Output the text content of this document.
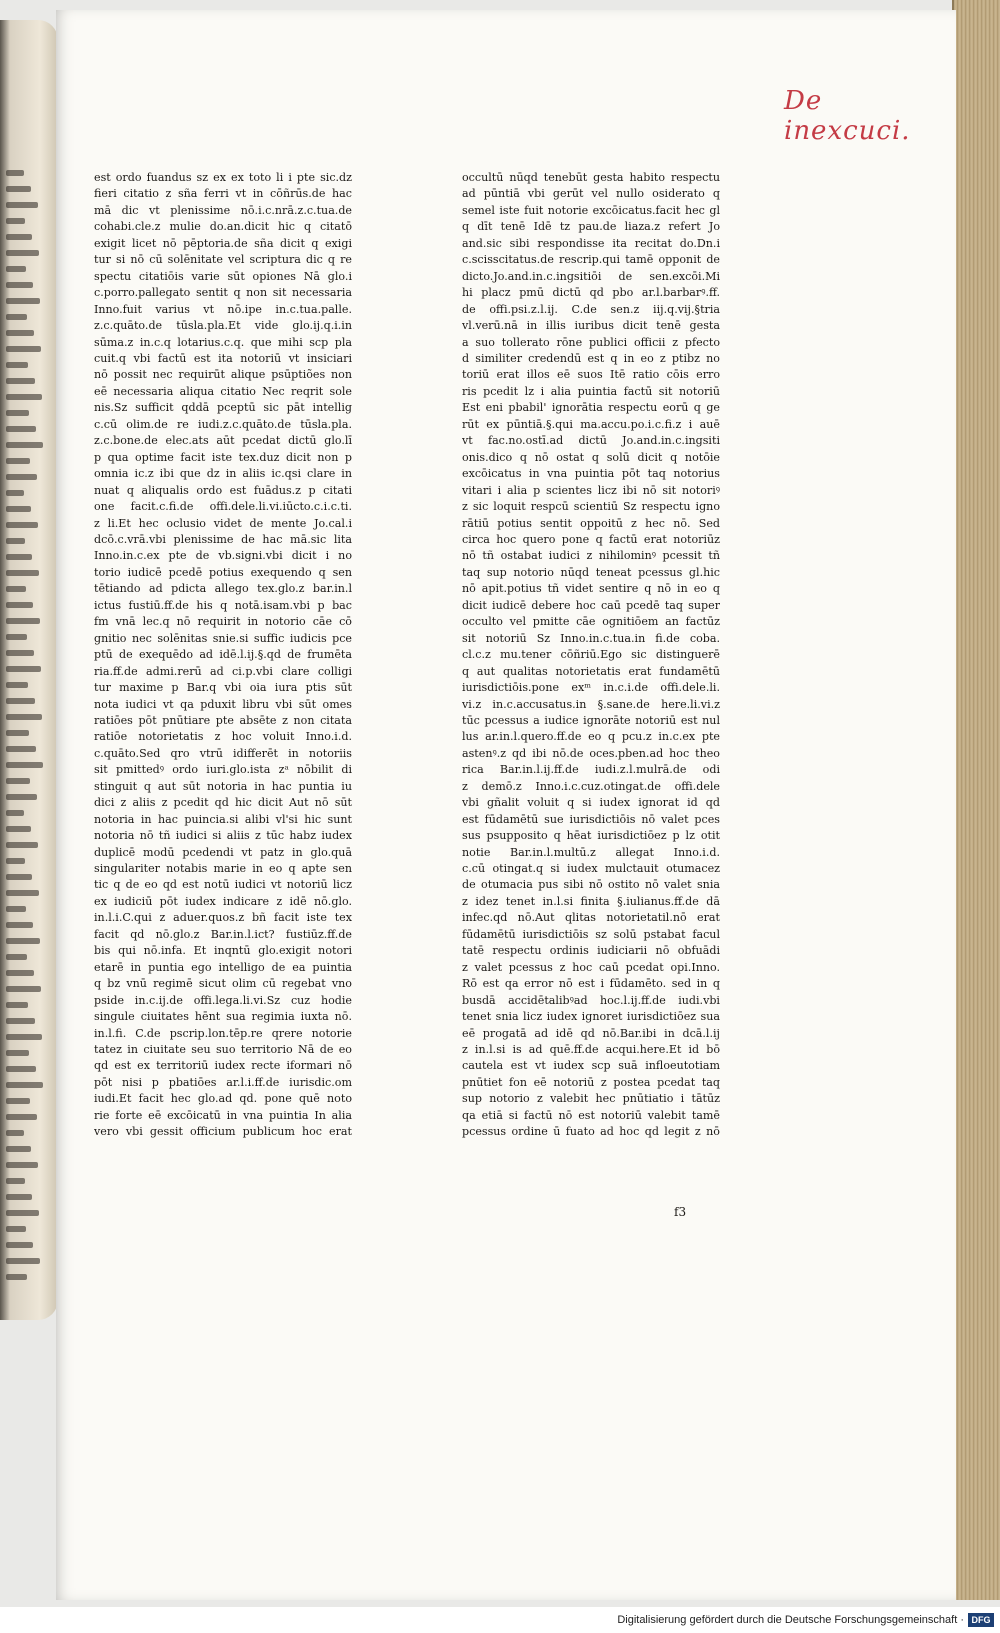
De inexcuci.
est ordo fuandus sz ex ex toto li i pte sic.dz
fieri citatio z sña ferri vt in cōñrūs.de hac
mā dic vt plenissime nō.i.c.nrā.z.c.tua.de
cohabi.cle.z mulie do.an.dicit hic q citatō
exigit licet nō pēptoria.de sña dicit q exigi
tur si nō cū solēnitate vel scriptura dic q re
spectu citatiōis varie sūt opiones Nā glo.i
c.porro.pallegato sentit q non sit necessaria
Inno.fuit varius vt nō.ipe in.c.tua.palle.
z.c.quāto.de tūsla.pla.Et vide glo.ij.q.i.in
sūma.z in.c.q lotarius.c.q. que mihi scp pla
cuit.q vbi factū est ita notoriū vt insiciari
nō possit nec requirūt alique psūptiões non
eē necessaria aliqua citatio Nec reqrit sole
nis.Sz sufficit qddā pceptū sic pāt intellig
c.cū olim.de re iudi.z.c.quāto.de tūsla.pla.
z.c.bone.de elec.ats aūt pcedat dictū glo.lī
p qua optime facit iste tex.duz dicit non p
omnia ic.z ibi que dz in aliis ic.qsi clare in
nuat q aliqualis ordo est fuādus.z p citati
one facit.c.fi.de offi.dele.li.vi.iūcto.c.i.c.ti.
z li.Et hec oclusio videt de mente Jo.cal.i
dcō.c.vrā.vbi plenissime de hac mā.sic lita
Inno.in.c.ex pte de vb.signi.vbi dicit i no
torio iudicē pcedē potius exequendo q sen
tētiando ad pdicta allego tex.glo.z bar.in.l
ictus fustiū.ff.de his q notā.isam.vbi p bac
fm vnā lec.q nō requirit in notorio cāe cō
gnitio nec solēnitas snie.si suffic iudicis pce
ptū de exequēdo ad idē.l.ij.§.qd de frumēta
ria.ff.de admi.rerū ad ci.p.vbi clare colligi
tur maxime p Bar.q vbi oia iura ptis sūt
nota iudici vt qa pduxit libru vbi sūt omes
ratiōes pōt pnūtiare pte absēte z non citata
ratiōe notorietatis z hoc voluit Inno.i.d.
c.quāto.Sed qro vtrū idifferēt in notoriis
sit pmittedꝰ ordo iuri.glo.ista zᵃ nōbilit di
stinguit q aut sūt notoria in hac puntia iu
dici z aliis z pcedit qd hic dicit Aut nō sūt
notoria in hac puincia.si alibi vl'si hic sunt
notoria nō tñ iudici si aliis z tūc habz iudex
duplicē modū pcedendi vt patz in glo.quā
singulariter notabis marie in eo q apte sen
tic q de eo qd est notū iudici vt notoriū licz
ex iudiciū pōt iudex indicare z idē nō.glo.
in.l.i.C.qui z aduer.quos.z bñ facit iste tex
facit qd nō.glo.z Bar.in.l.ict? fustiūz.ff.de
bis qui nō.infa. Et inqntū glo.exigit notori
etarē in puntia ego intelligo de ea puintia
q bz vnū regimē sicut olim cū regebat vno
pside in.c.ij.de offi.lega.li.vi.Sz cuz hodie
singule ciuitates hēnt sua regimia iuxta nō.
in.l.fi. C.de pscrip.lon.tēp.re qrere notorie
tatez in ciuitate seu suo territorio Nā de eo
qd est ex territoriū iudex recte iformari nō
pōt nisi p pbatiōes ar.l.i.ff.de iurisdic.om
iudi.Et facit hec glo.ad qd. pone quē noto
rie forte eē excōicatū in vna puintia In alia
vero vbi gessit officium publicum hoc erat
occultū nūqd tenebūt gesta habito respectu
ad pūntiā vbi gerūt vel nullo osiderato q
semel iste fuit notorie excōicatus.facit hec gl
q dīt tenē Idē tz pau.de liaza.z refert Jo
and.sic sibi respondisse ita recitat do.Dn.i
c.scisscitatus.de rescrip.qui tamē opponit de
dicto.Jo.and.in.c.ingsitiōi de sen.excōi.Mi
hi placz pmū dictū qd pbo ar.l.barbarꝰ.ff.
de offi.psi.z.l.ij. C.de sen.z iij.q.vij.§tria
vl.verū.nā in illis iuribus dicit tenē gesta
a suo tollerato rōne publici officii z pfecto
d similiter credendū est q in eo z ptibz no
toriū erat illos eē suos Itē ratio cōis erro
ris pcedit lz i alia puintia factū sit notoriū
Est eni pbabil' ignorātia respectu eorū q ge
rūt ex pūntiā.§.qui ma.accu.po.i.c.fi.z i auē
vt fac.no.ostī.ad dictū Jo.and.in.c.ingsiti
onis.dico q nō ostat q solū dicit q notōie
excōicatus in vna puintia pōt taq notorius
vitari i alia p scientes licz ibi nō sit notoriꝰ
z sic loquit respcū scientiū Sz respectu igno
rātiū potius sentit oppoitū z hec nō. Sed
circa hoc quero pone q factū erat notoriūz
nō tñ ostabat iudici z nihilominꝰ pcessit tñ
taq sup notorio nūqd teneat pcessus gl.hic
nō apit.potius tñ videt sentire q nō in eo q
dicit iudicē debere hoc caū pcedē taq super
occulto vel pmitte cāe ognitiōem an factūz
sit notoriū Sz Inno.in.c.tua.in fi.de coba.
cl.c.z mu.tener cōñriū.Ego sic distinguerē
q aut qualitas notorietatis erat fundamētū
iurisdictiōis.pone exᵐ in.c.i.de offi.dele.li.
vi.z in.c.accusatus.in §.sane.de here.li.vi.z
tūc pcessus a iudice ignorāte notoriū est nul
lus ar.in.l.quero.ff.de eo q pcu.z in.c.ex pte
astenꝰ.z qd ibi nō.de oces.pben.ad hoc theo
rica Bar.in.l.ij.ff.de iudi.z.l.mulrā.de odi
z demō.z Inno.i.c.cuz.otingat.de offi.dele
vbi gñalit voluit q si iudex ignorat id qd
est fūdamētū sue iurisdictiōis nō valet pces
sus psupposito q hēat iurisdictiōez p lz otit
notie Bar.in.l.multū.z allegat Inno.i.d.
c.cū otingat.q si iudex mulctauit otumacez
de otumacia pus sibi nō ostito nō valet snia
z idez tenet in.l.si finita §.iulianus.ff.de dā
infec.qd nō.Aut qlitas notorietatil.nō erat
fūdamētū iurisdictiōis sz solū pstabat facul
tatē respectu ordinis iudiciarii nō obfuādi
z valet pcessus z hoc caū pcedat opi.Inno.
Rō est qa error nō est i fūdamēto. sed in q
busdā accidētalibꝰad hoc.l.ij.ff.de iudi.vbi
tenet snia licz iudex ignoret iurisdictiōez sua
eē progatā ad idē qd nō.Bar.ibi in dcā.l.ij
z in.l.si is ad quē.ff.de acqui.here.Et id bō
cautela est vt iudex scp suā infloeutotiam
pnūtiet fon eē notoriū z postea pcedat taq
sup notorio z valebit hec pnūtiatio i tātūz
qa etiā si factū nō est notoriū valebit tamē
pcessus ordine ū fuato ad hoc qd legit z nō
f3
Digitalisierung gefördert durch die Deutsche Forschungsgemeinschaft · DFG
